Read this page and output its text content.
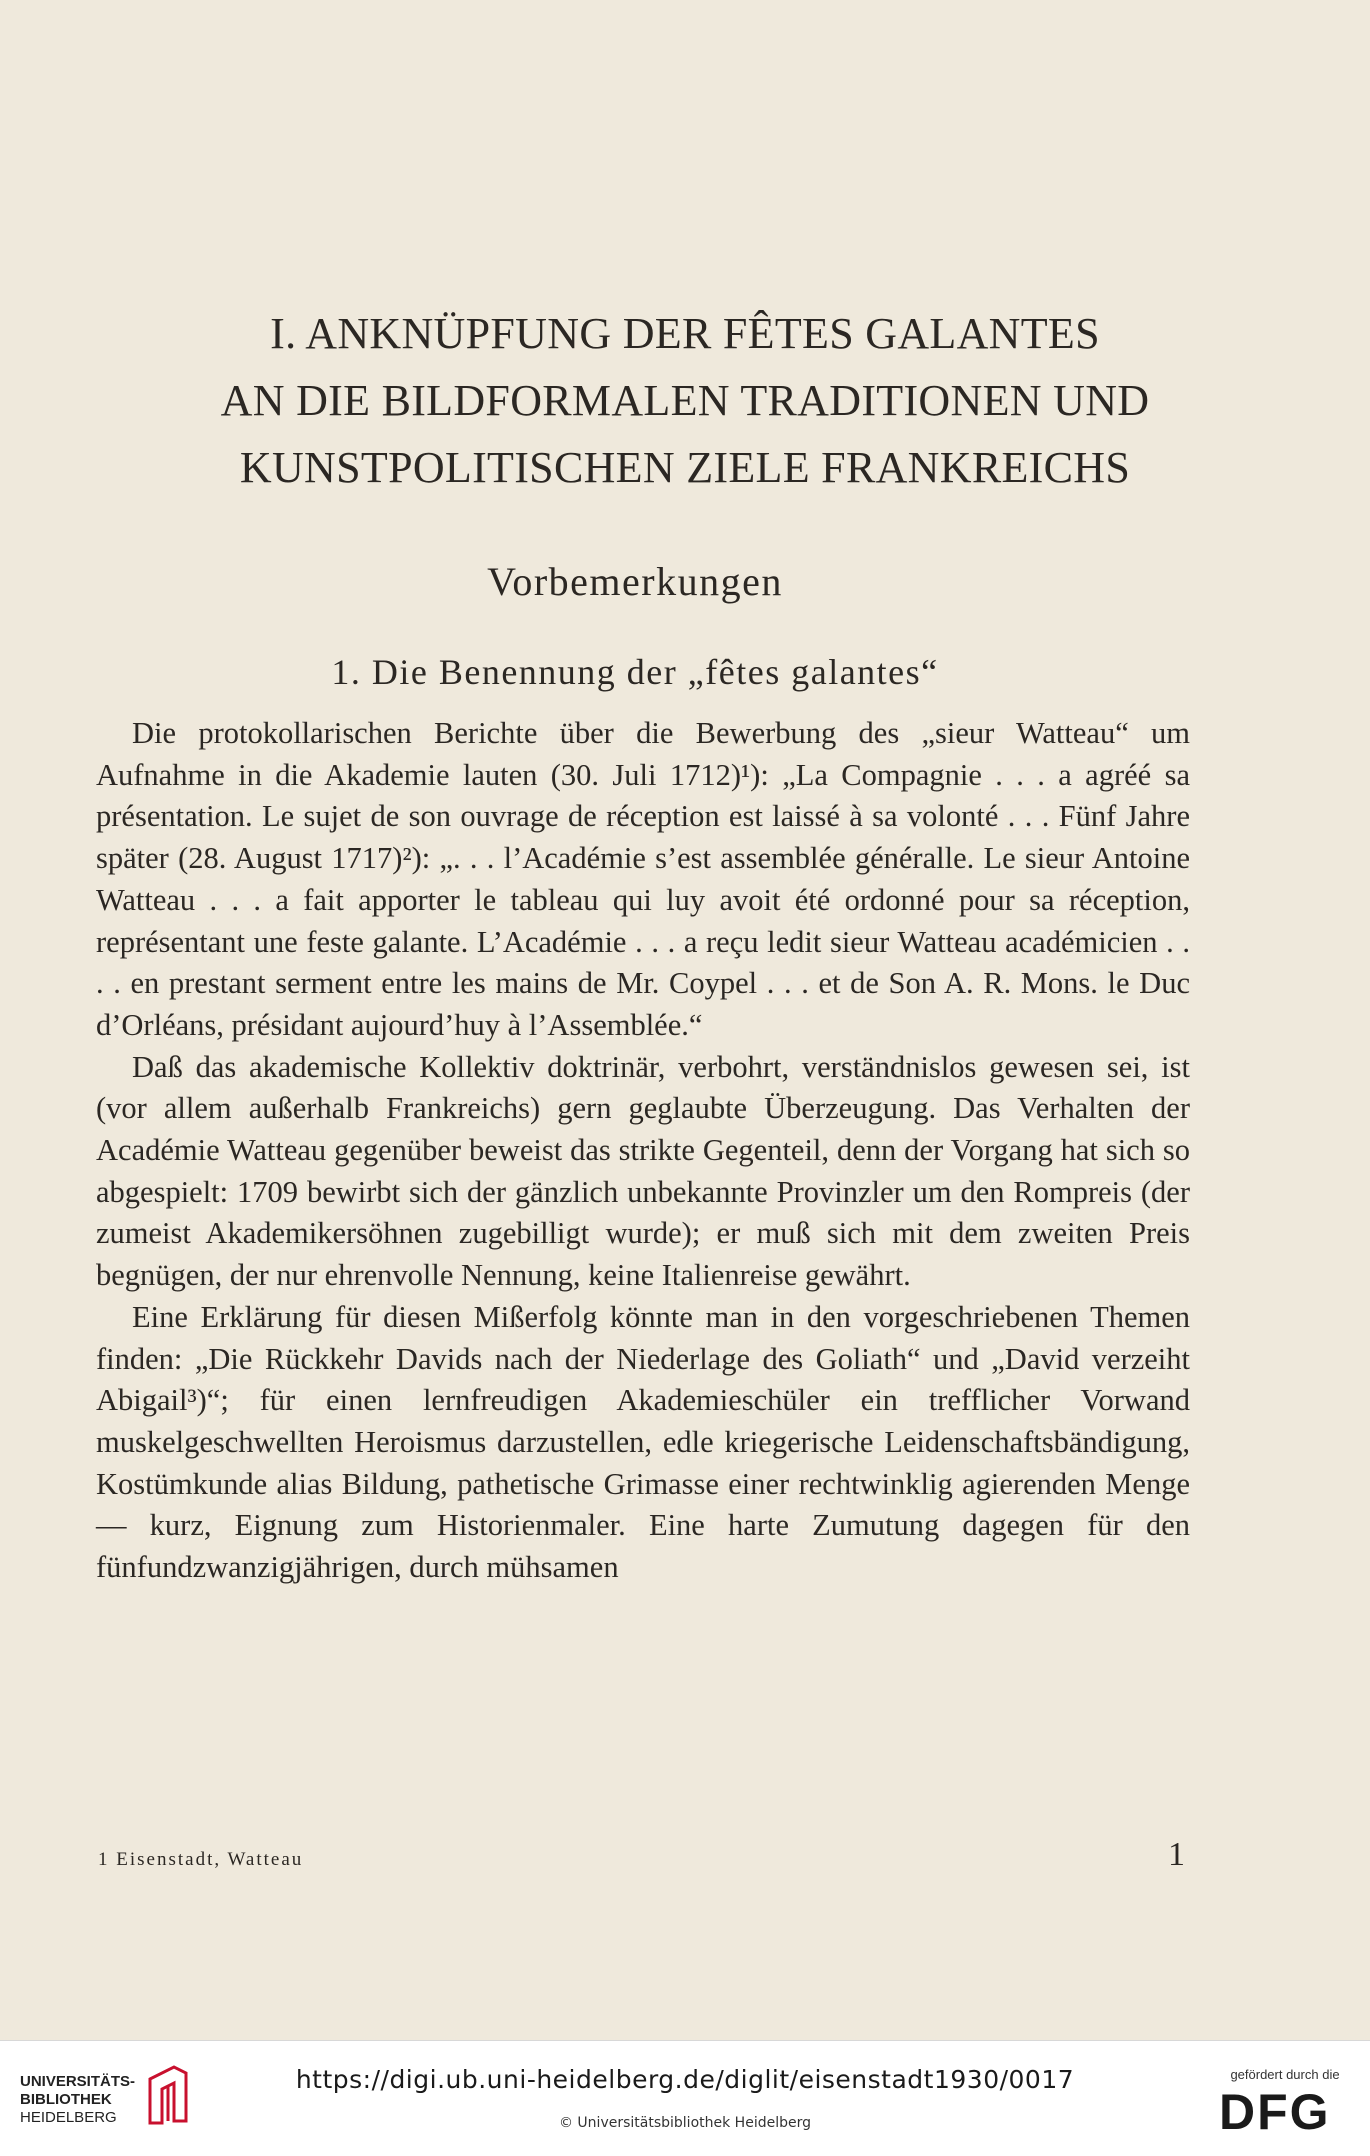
I. ANKNÜPFUNG DER FÊTES GALANTES
AN DIE BILDFORMALEN TRADITIONEN UND
KUNSTPOLITISCHEN ZIELE FRANKREICHS
Vorbemerkungen
1. Die Benennung der „fêtes galantes“

Die protokollarischen Berichte über die Bewerbung des „sieur Watteau“ um Aufnahme in die Akademie lauten (30. Juli 1712)¹): „La Compagnie . . . a agréé sa présentation. Le sujet de son ouvrage de réception est laissé à sa volonté . . . Fünf Jahre später (28. August 1717)²): „. . . l’Académie s’est assemblée généralle. Le sieur Antoine Watteau . . . a fait apporter le tableau qui luy avoit été ordonné pour sa réception, représentant une feste galante. L’Académie . . . a reçu ledit sieur Watteau académicien . . . . en prestant serment entre les mains de Mr. Coypel . . . et de Son A. R. Mons. le Duc d’Orléans, présidant aujourd’huy à l’Assemblée.“

Daß das akademische Kollektiv doktrinär, verbohrt, verständnislos gewesen sei, ist (vor allem außerhalb Frankreichs) gern geglaubte Überzeugung. Das Verhalten der Académie Watteau gegenüber beweist das strikte Gegenteil, denn der Vorgang hat sich so abgespielt: 1709 bewirbt sich der gänzlich unbekannte Provinzler um den Rompreis (der zumeist Akademikersöhnen zugebilligt wurde); er muß sich mit dem zweiten Preis begnügen, der nur ehrenvolle Nennung, keine Italienreise gewährt.

Eine Erklärung für diesen Mißerfolg könnte man in den vorgeschriebenen Themen finden: „Die Rückkehr Davids nach der Niederlage des Goliath“ und „David verzeiht Abigail³)“; für einen lernfreudigen Akademieschüler ein trefflicher Vorwand muskelgeschwellten Heroismus darzustellen, edle kriegerische Leidenschaftsbändigung, Kostümkunde alias Bildung, pathetische Grimasse einer rechtwinklig agierenden Menge — kurz, Eignung zum Historienmaler. Eine harte Zumutung dagegen für den fünfundzwanzigjährigen, durch mühsamen

1 Eisenstadt, Watteau	1
UNIVERSITÄTS-
BIBLIOTHEK
HEIDELBERG
https://digi.ub.uni-heidelberg.de/diglit/eisenstadt1930/0017
© Universitätsbibliothek Heidelberg
gefördert durch die
DFG
